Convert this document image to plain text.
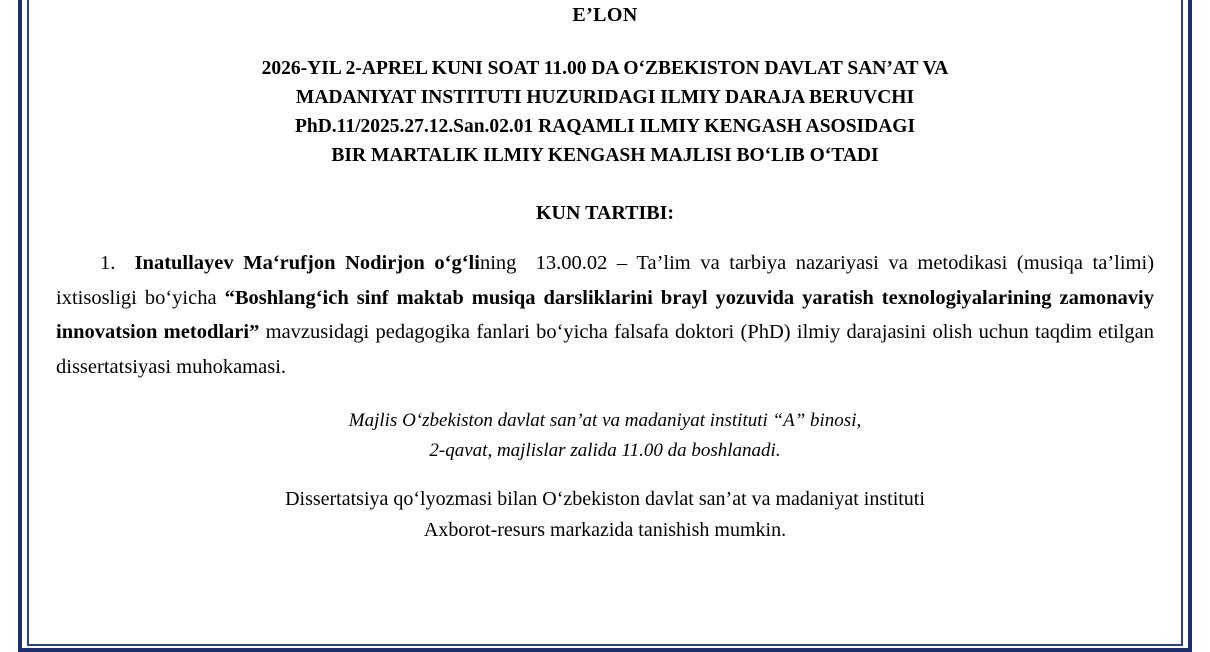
E’LON
2026-YIL 2-APREL KUNI SOAT 11.00 DA O‘ZBEKISTON DAVLAT SAN’AT VA
MADANIYAT INSTITUTI HUZURIDAGI ILMIY DARAJA BERUVCHI
PhD.11/2025.27.12.San.02.01 RAQAMLI ILMIY KENGASH ASOSIDAGI
BIR MARTALIK ILMIY KENGASH MAJLISI BO‘LIB O‘TADI
KUN TARTIBI:

1. Inatullayev Ma‘rufjon Nodirjon o‘g‘lining 13.00.02 – Ta’lim va tarbiya nazariyasi va metodikasi (musiqa ta’limi) ixtisosligi bo‘yicha “Boshlang‘ich sinf maktab musiqa darsliklarini brayl yozuvida yaratish texnologiyalarining zamonaviy innovatsion metodlari” mavzusidagi pedagogika fanlari bo‘yicha falsafa doktori (PhD) ilmiy darajasini olish uchun taqdim etilgan dissertatsiyasi muhokamasi.

Majlis O‘zbekiston davlat san’at va madaniyat instituti “A” binosi,
2-qavat, majlislar zalida 11.00 da boshlanadi.
Dissertatsiya qo‘lyozmasi bilan O‘zbekiston davlat san’at va madaniyat instituti
Axborot-resurs markazida tanishish mumkin.
